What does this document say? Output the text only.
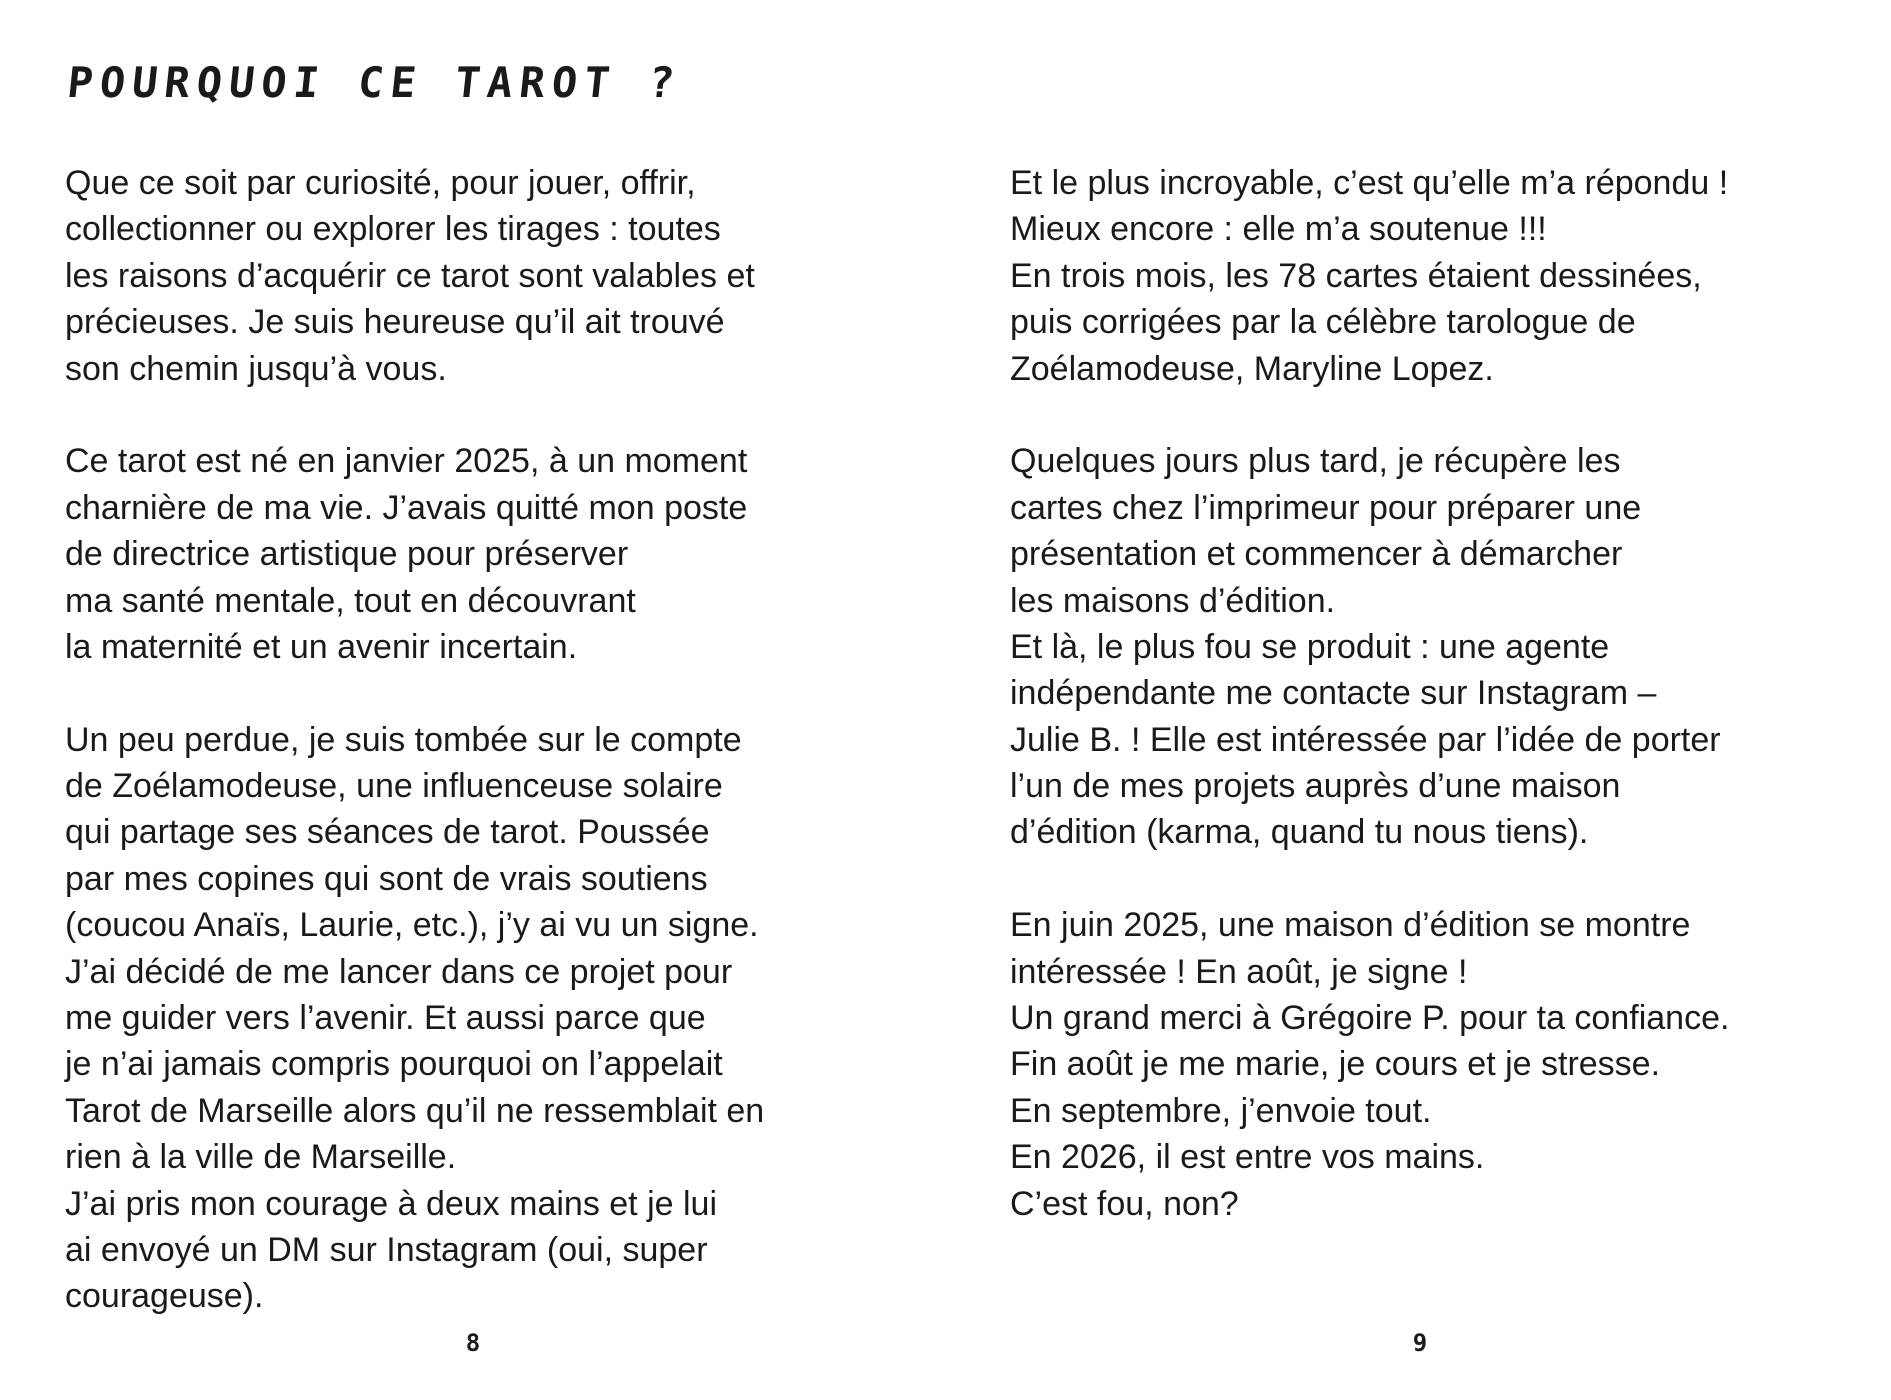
POURQUOI CE TAROT ?

Que ce soit par curiosité, pour jouer, offrir,
collectionner ou explorer les tirages : toutes
les raisons d’acquérir ce tarot sont valables et
précieuses. Je suis heureuse qu’il ait trouvé
son chemin jusqu’à vous.

Ce tarot est né en janvier 2025, à un moment
charnière de ma vie. J’avais quitté mon poste
de directrice artistique pour préserver
ma santé mentale, tout en découvrant
la maternité et un avenir incertain.

Un peu perdue, je suis tombée sur le compte
de Zoélamodeuse, une influenceuse solaire
qui partage ses séances de tarot. Poussée
par mes copines qui sont de vrais soutiens
(coucou Anaïs, Laurie, etc.), j’y ai vu un signe.
J’ai décidé de me lancer dans ce projet pour
me guider vers l’avenir. Et aussi parce que
je n’ai jamais compris pourquoi on l’appelait
Tarot de Marseille alors qu’il ne ressemblait en
rien à la ville de Marseille.
J’ai pris mon courage à deux mains et je lui
ai envoyé un DM sur Instagram (oui, super
courageuse).

Et le plus incroyable, c’est qu’elle m’a répondu !
Mieux encore : elle m’a soutenue !!!
En trois mois, les 78 cartes étaient dessinées,
puis corrigées par la célèbre tarologue de
Zoélamodeuse, Maryline Lopez.

Quelques jours plus tard, je récupère les
cartes chez l’imprimeur pour préparer une
présentation et commencer à démarcher
les maisons d’édition.
Et là, le plus fou se produit : une agente
indépendante me contacte sur Instagram –
Julie B. ! Elle est intéressée par l’idée de porter
l’un de mes projets auprès d’une maison
d’édition (karma, quand tu nous tiens).

En juin 2025, une maison d’édition se montre
intéressée ! En août, je signe !
Un grand merci à Grégoire P. pour ta confiance.
Fin août je me marie, je cours et je stresse.
En septembre, j’envoie tout.
En 2026, il est entre vos mains.
C’est fou, non?

8	9
